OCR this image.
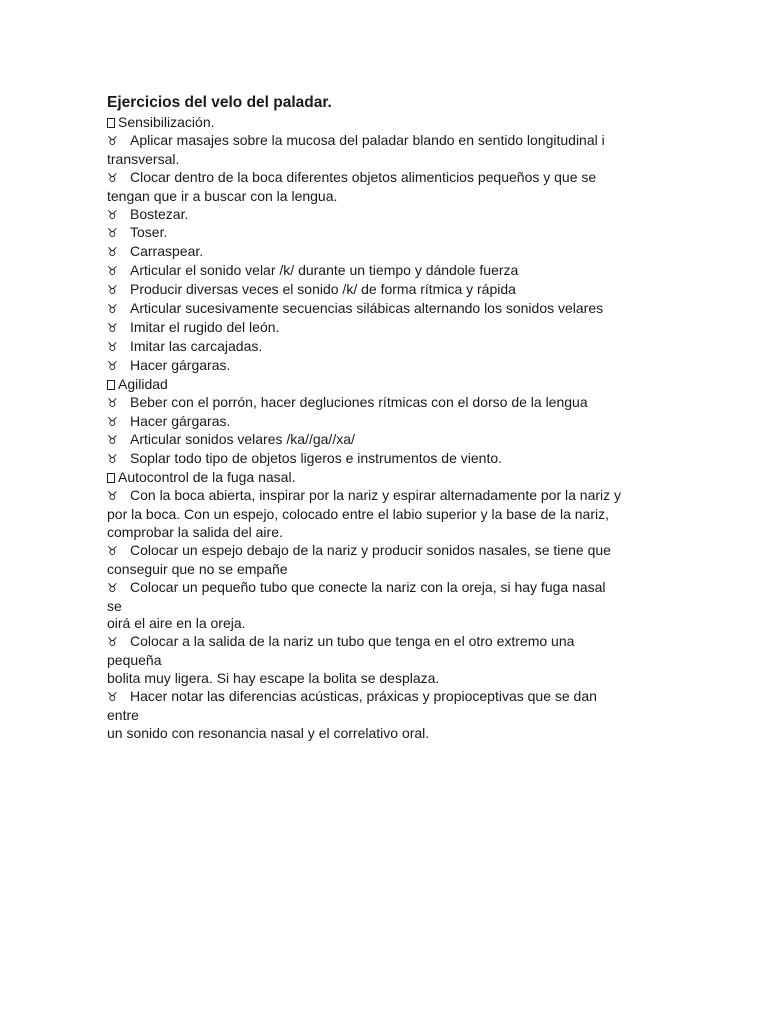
Ejercicios del velo del paladar.
Sensibilización.
♉ Aplicar masajes sobre la mucosa del paladar blando en sentido longitudinal i
transversal.
♉ Clocar dentro de la boca diferentes objetos alimenticios pequeños y que se
tengan que ir a buscar con la lengua.
♉ Bostezar.
♉ Toser.
♉ Carraspear.
♉ Articular el sonido velar /k/ durante un tiempo y dándole fuerza
♉ Producir diversas veces el sonido /k/ de forma rítmica y rápida
♉ Articular sucesivamente secuencias silábicas alternando los sonidos velares
♉ Imitar el rugido del león.
♉ Imitar las carcajadas.
♉ Hacer gárgaras.
Agilidad
♉ Beber con el porrón, hacer degluciones rítmicas con el dorso de la lengua
♉ Hacer gárgaras.
♉ Articular sonidos velares /ka//ga//xa/
♉ Soplar todo tipo de objetos ligeros e instrumentos de viento.
Autocontrol de la fuga nasal.
♉ Con la boca abierta, inspirar por la nariz y espirar alternadamente por la nariz y
por la boca. Con un espejo, colocado entre el labio superior y la base de la nariz,
comprobar la salida del aire.
♉ Colocar un espejo debajo de la nariz y producir sonidos nasales, se tiene que
conseguir que no se empañe
♉ Colocar un pequeño tubo que conecte la nariz con la oreja, si hay fuga nasal
se
oirá el aire en la oreja.
♉ Colocar a la salida de la nariz un tubo que tenga en el otro extremo una
pequeña
bolita muy ligera. Si hay escape la bolita se desplaza.
♉ Hacer notar las diferencias acústicas, práxicas y propioceptivas que se dan
entre
un sonido con resonancia nasal y el correlativo oral.
